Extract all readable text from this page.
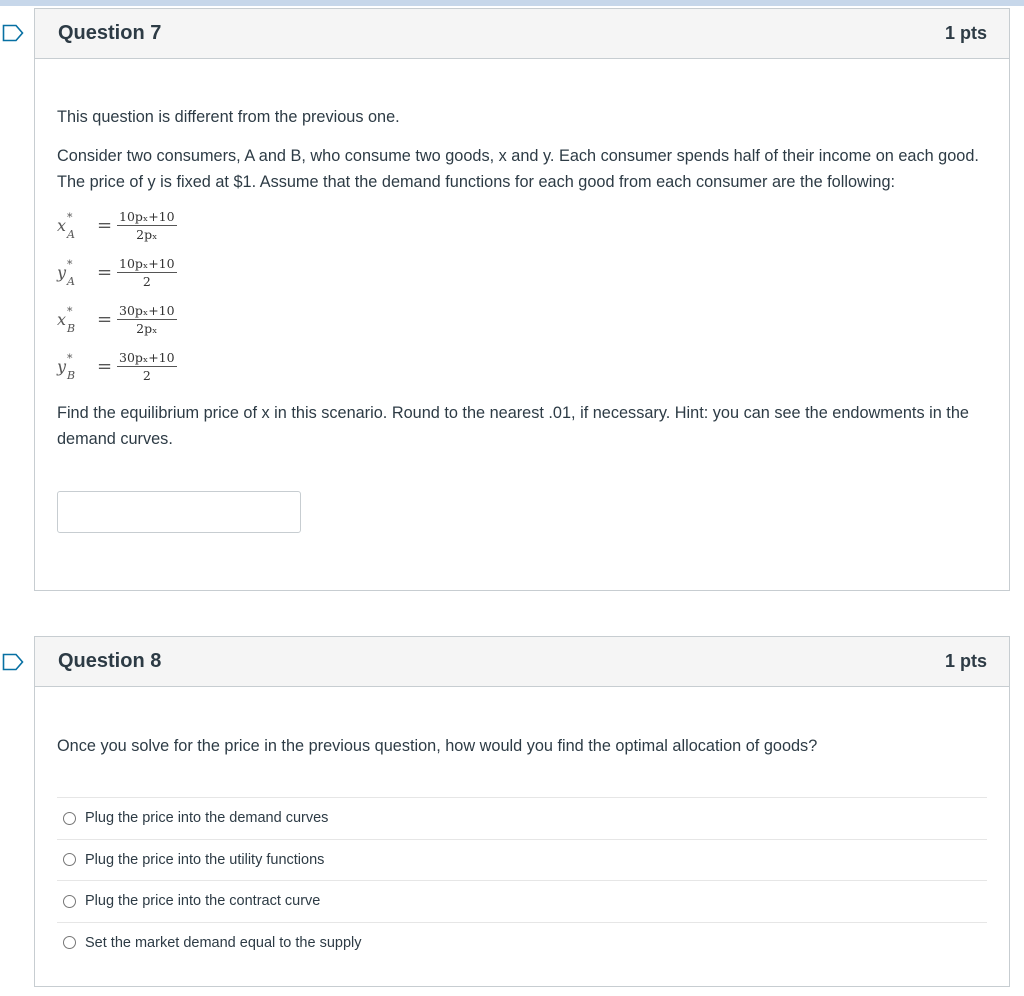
Question 7	1 pts

This question is different from the previous one.

Consider two consumers, A and B, who consume two goods, x and y. Each consumer spends half of their income on each good. The price of y is fixed at $1. Assume that the demand functions for each good from each consumer are the following:

x *
$A = \frac{\text{10pₓ+10}}{\text{2pₓ}}$
y *
$A = \frac{\text{10pₓ+10}}{2}$
x *
$B = \frac{\text{30pₓ+10}}{\text{2pₓ}}$
y *
$B = \frac{\text{30pₓ+10}}{2}$

Find the equilibrium price of x in this scenario. Round to the nearest .01, if necessary. Hint: you can see the endowments in the demand curves.

Question 8	1 pts

Once you solve for the price in the previous question, how would you find the optimal allocation of goods?

Plug the price into the demand curves
Plug the price into the utility functions
Plug the price into the contract curve
Set the market demand equal to the supply
